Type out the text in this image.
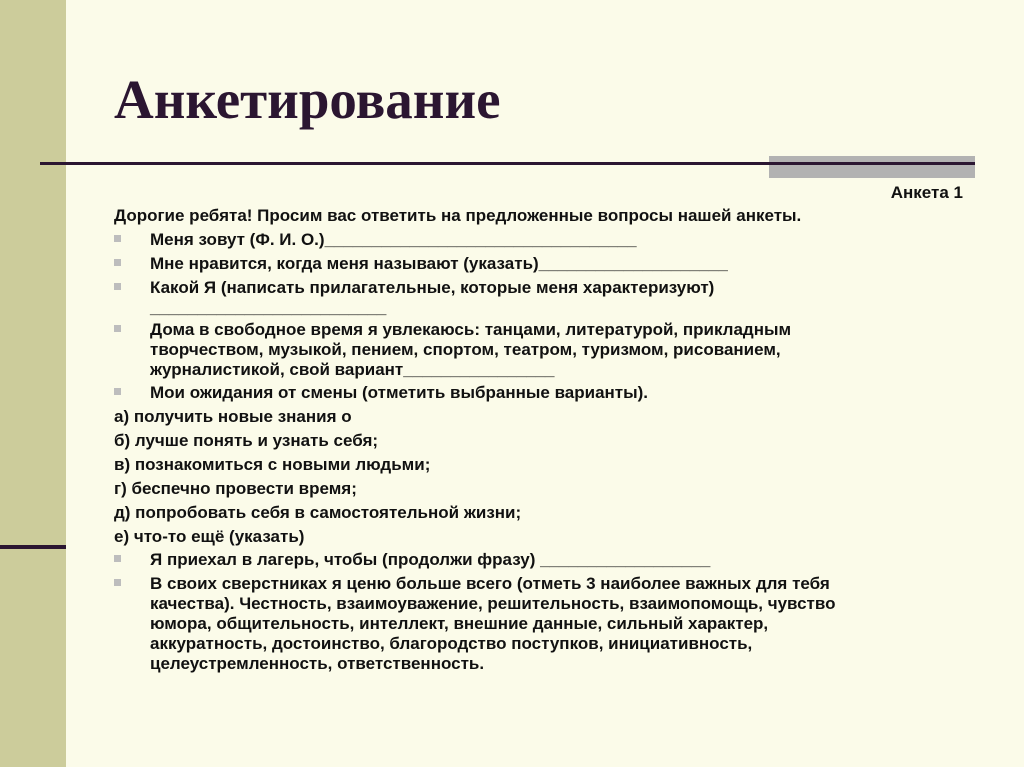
Анкетирование
Анкета 1
Дорогие ребята! Просим вас ответить на предложенные вопросы нашей анкеты.
Меня зовут (Ф. И. О.)_________________________________
Мне нравится, когда меня называют (указать)____________________
Какой Я (написать прилагательные, которые меня характеризуют)
_________________________
Дома в свободное время я увлекаюсь: танцами, литературой, прикладным
творчеством, музыкой, пением, спортом, театром, туризмом, рисованием,
журналистикой, свой вариант________________
Мои ожидания от смены (отметить выбранные варианты).
а) получить новые знания о
б) лучше понять и узнать себя;
в) познакомиться с новыми людьми;
г) беспечно провести время;
д) попробовать себя в самостоятельной жизни;
е) что-то ещё (указать)
Я приехал в лагерь, чтобы (продолжи фразу) __________________
В своих сверстниках я ценю больше всего (отметь 3 наиболее важных для тебя
качества). Честность, взаимоуважение, решительность, взаимопомощь, чувство
юмора, общительность, интеллект, внешние данные, сильный характер,
аккуратность, достоинство, благородство поступков, инициативность,
целеустремленность, ответственность.
